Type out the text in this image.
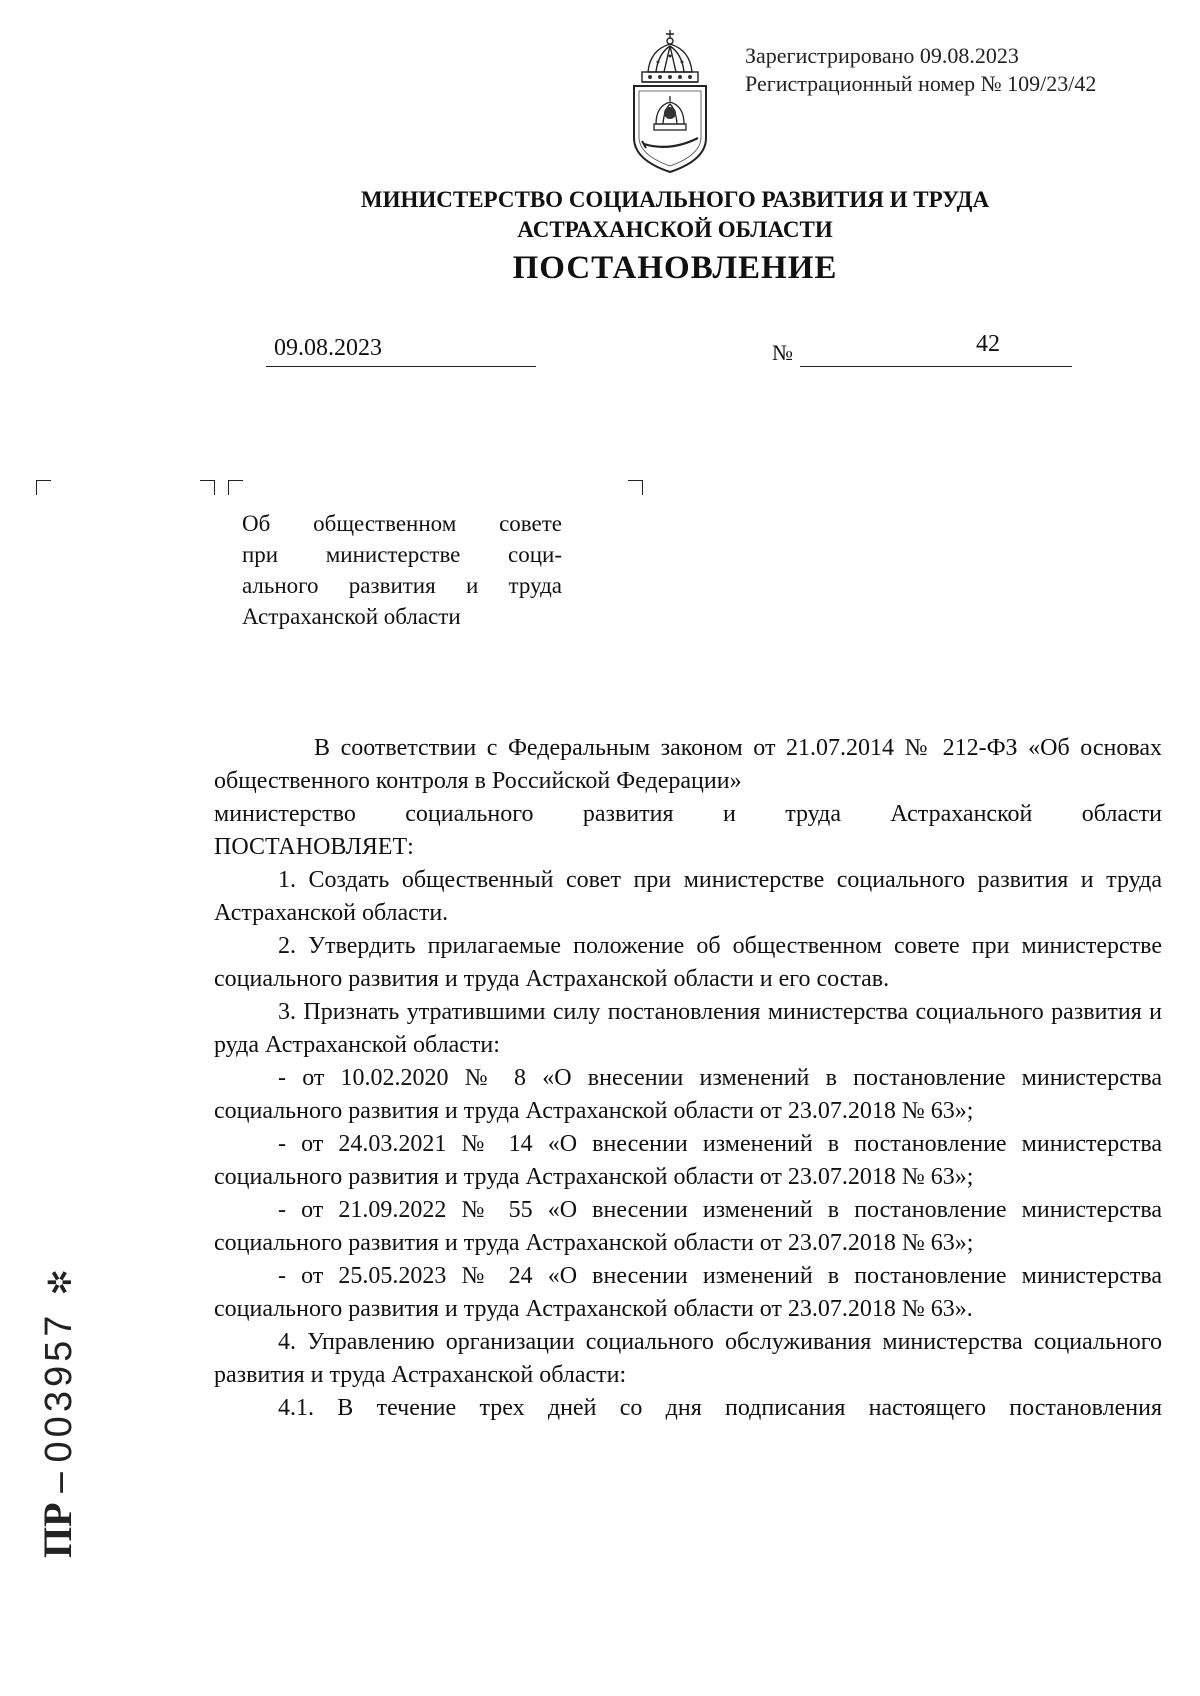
Зарегистрировано 09.08.2023
Регистрационный номер № 109/23/42
МИНИСТЕРСТВО СОЦИАЛЬНОГО РАЗВИТИЯ И ТРУДА
АСТРАХАНСКОЙ ОБЛАСТИ
ПОСТАНОВЛЕНИЕ
09.08.2023	№	42
Об общественном совете
при министерстве соци-
ального развития и труда
Астраханской области

В соответствии с Федеральным законом от 21.07.2014 № 212-ФЗ «Об основах общественного контроля в Российской Федерации»

министерство социального развития и труда Астраханской области

ПОСТАНОВЛЯЕТ:

1. Создать общественный совет при министерстве социального развития и труда Астраханской области.

2. Утвердить прилагаемые положение об общественном совете при министерстве социального развития и труда Астраханской области и его состав.

3. Признать утратившими силу постановления министерства социального развития и руда Астраханской области:

- от 10.02.2020 № 8 «О внесении изменений в постановление министерства социального развития и труда Астраханской области от 23.07.2018 № 63»;

- от 24.03.2021 № 14 «О внесении изменений в постановление министерства социального развития и труда Астраханской области от 23.07.2018 № 63»;

- от 21.09.2022 № 55 «О внесении изменений в постановление министерства социального развития и труда Астраханской области от 23.07.2018 № 63»;

- от 25.05.2023 № 24 «О внесении изменений в постановление министерства социального развития и труда Астраханской области от 23.07.2018 № 63».

4. Управлению организации социального обслуживания министерства социального развития и труда Астраханской области:

4.1. В течение трех дней со дня подписания настоящего постановления

ПР – 003957 ✲
